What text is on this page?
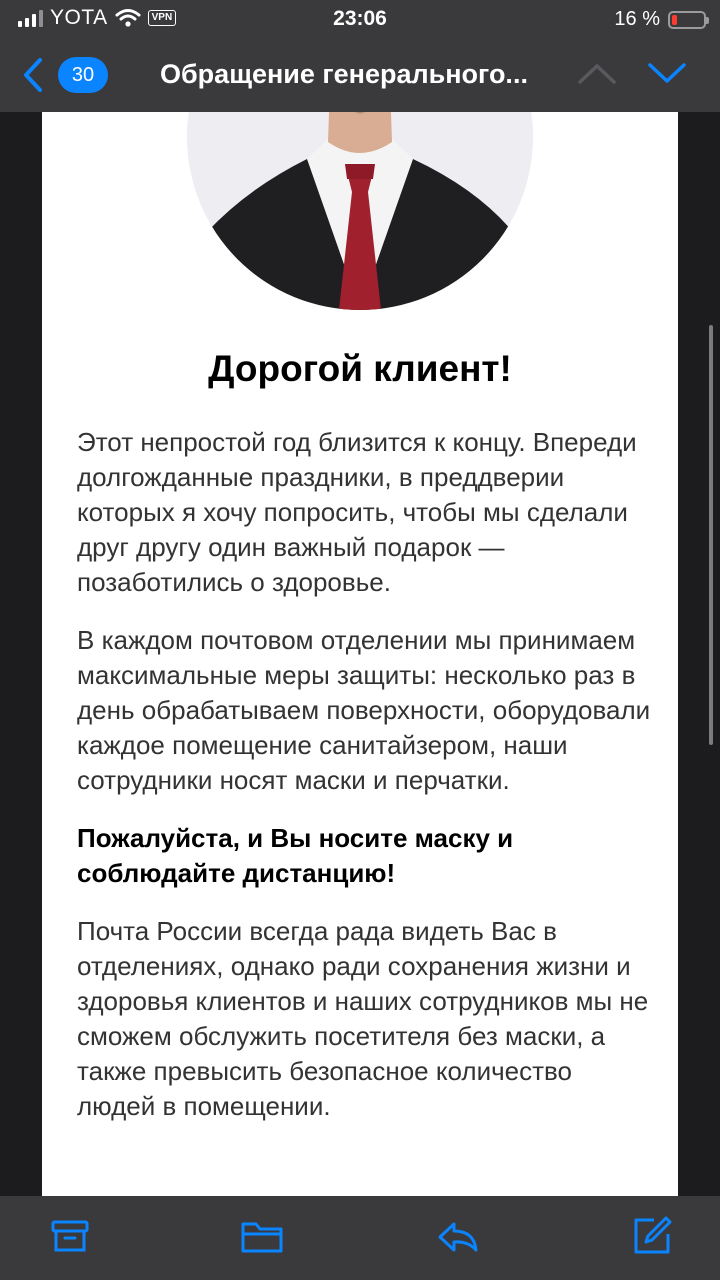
YOTA	VPN	23:06	16 %
30	Обращение генерального...
Дорогой клиент!

Этот непростой год близится к концу. Впереди долгожданные праздники, в преддверии которых я хочу попросить, чтобы мы сделали друг другу один важный подарок — позаботились о здоровье.

В каждом почтовом отделении мы принимаем максимальные меры защиты: несколько раз в день обрабатываем поверхности, оборудовали каждое помещение санитайзером, наши сотрудники носят маски и перчатки.

Пожалуйста, и Вы носите маску и соблюдайте дистанцию!

Почта России всегда рада видеть Вас в отделениях, однако ради сохранения жизни и здоровья клиентов и наших сотрудников мы не сможем обслужить посетителя без маски, а также превысить безопасное количество людей в помещении.
